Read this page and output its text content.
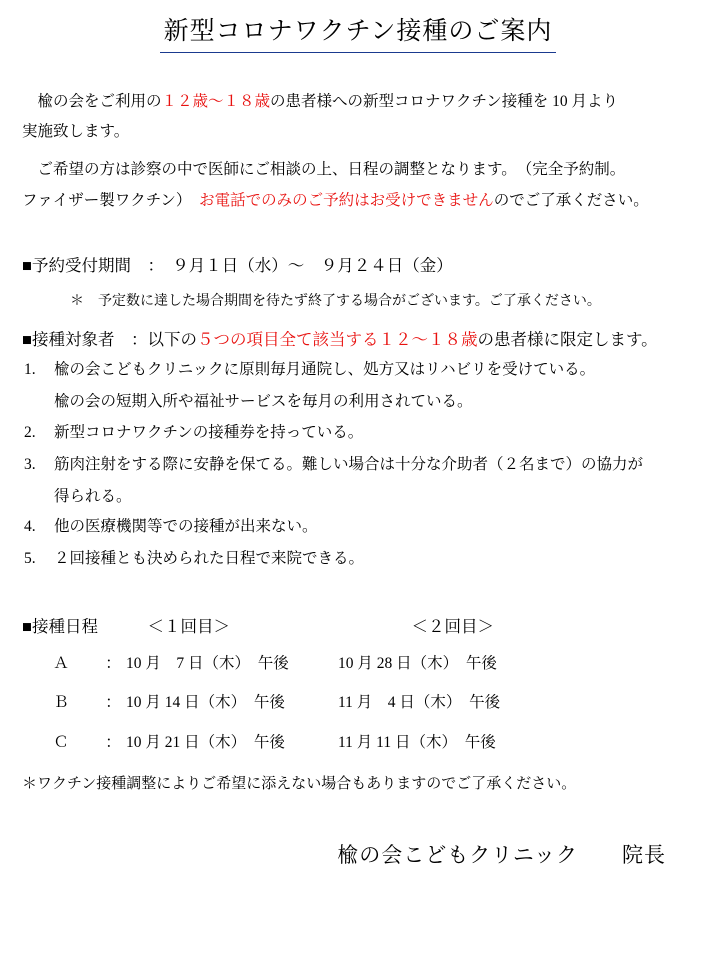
新型コロナワクチン接種のご案内

　楡の会をご利用の１２歳～１８歳の患者様への新型コロナワクチン接種を 10 月より
実施致します。

　ご希望の方は診察の中で医師にご相談の上、日程の調整となります。　（完全予約制。
ファイザー製ワクチン）　お電話でのみのご予約はお受けできませんのでご了承ください。

■予約受付期間　：　９月１日（水）～　９月２４日（金）

＊　予定数に達した場合期間を待たず終了する場合がございます。ご了承ください。

■接種対象者　：以下の５つの項目全て該当する１２～１８歳の患者様に限定します。

1. 楡の会こどもクリニックに原則毎月通院し、処方又はリハビリを受けている。
楡の会の短期入所や福祉サービスを毎月の利用されている。
2. 新型コロナワクチンの接種券を持っている。
3. 筋肉注射をする際に安静を保てる。難しい場合は十分な介助者（２名まで）の協力が
得られる。
4. 他の医療機関等での接種が出来ない。
5. ２回接種とも決められた日程で来院できる。

■接種日程　　　＜１回目＞　　　　　　　　　　　＜２回目＞

Ａ	：	10 月　7 日（木）　午後	10 月 28 日（木）　午後
Ｂ	：	10 月 14 日（木）　午後	11 月　4 日（木）　午後
Ｃ	：	10 月 21 日（木）　午後	11 月 11 日（木）　午後

＊ワクチン接種調整によりご希望に添えない場合もありますのでご了承ください。

楡の会こどもクリニック　　院長
